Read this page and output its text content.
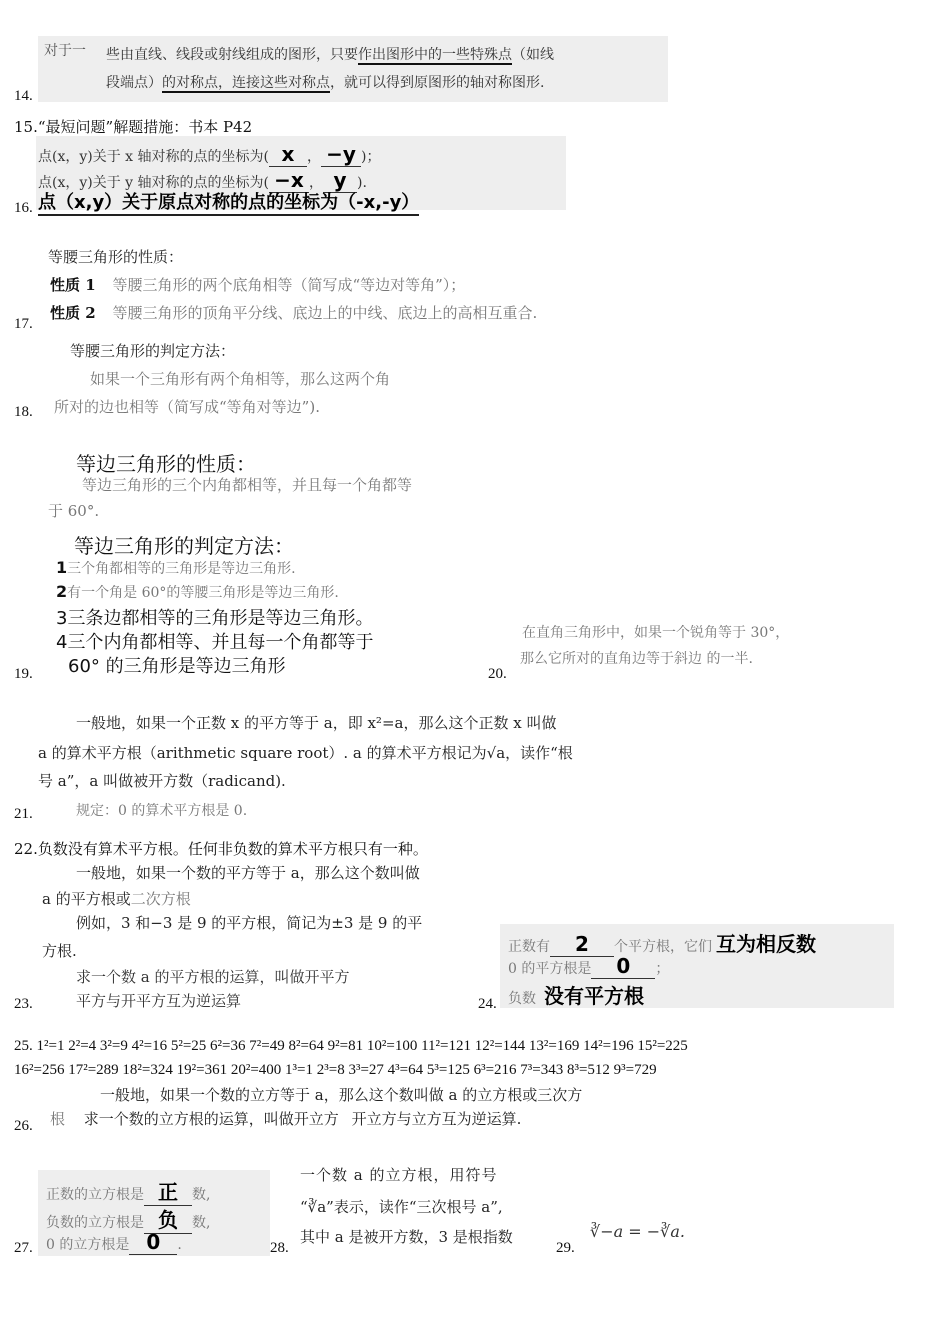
对于一 些由直线、线段或射线组成的图形，只要作出图形中的一些特殊点（如线
段端点）的对称点，连接这些对称点，就可以得到原图形的轴对称图形.
14.
15.“最短问题”解题措施：书本 P42
点(x，y)关于 x 轴对称的点的坐标为( x ， −y )；
点(x，y)关于 y 轴对称的点的坐标为( −x ， y ).
16. 点（x,y）关于原点对称的点的坐标为（-x,-y）
等腰三角形的性质：
性质 1 等腰三角形的两个底角相等（简写成“等边对等角”）；
性质 2 等腰三角形的顶角平分线、底边上的中线、底边上的高相互重合.
17.
等腰三角形的判定方法：
如果一个三角形有两个角相等，那么这两个角
所对的边也相等（简写成“等角对等边”).
18.
等边三角形的性质：
等边三角形的三个内角都相等，并且每一个角都等
于 60°.
等边三角形的判定方法：
1三个角都相等的三角形是等边三角形.
2有一个角是 60°的等腰三角形是等边三角形.
3三条边都相等的三角形是等边三角形。
4三个内角都相等、并且每一个角都等于
60° 的三角形是等边三角形
19.
在直角三角形中，如果一个锐角等于 30°，
那么它所对的直角边等于斜边 的一半.
20.
一般地，如果一个正数 x 的平方等于 a，即 x²=a，那么这个正数 x 叫做
a 的算术平方根（arithmetic square root）. a 的算术平方根记为√a，读作“根
号 a”，a 叫做被开方数（radicand).
规定：0 的算术平方根是 0.
21.
22.负数没有算术平方根。任何非负数的算术平方根只有一种。
一般地，如果一个数的平方等于 a，那么这个数叫做
a 的平方根或二次方根
例如，3 和−3 是 9 的平方根，简记为±3 是 9 的平
方根.
求一个数 a 的平方根的运算，叫做开平方
平方与开平方互为逆运算
23.
正数有 2 个平方根，它们 互为相反数
0 的平方根是 0 ；
负数 没有平方根
24.
25. 1²=1 2²=4 3²=9 4²=16 5²=25 6²=36 7²=49 8²=64 9²=81 10²=100 11²=121 12²=144 13²=169 14²=196 15²=225
16²=256 17²=289 18²=324 19²=361 20²=400 1³=1 2³=8 3³=27 4³=64 5³=125 6³=216 7³=343 8³=512 9³=729
一般地，如果一个数的立方等于 a，那么这个数叫做 a 的立方根或三次方
根 求一个数的立方根的运算，叫做开立方 开立方与立方互为逆运算.
26.
正数的立方根是 正 数,
负数的立方根是 负 数,
0 的立方根是 0 .
27.
一个数 a 的立方根，用符号
“∛a”表示，读作“三次根号 a”,
其中 a 是被开方数，3 是根指数
28.
∛−a = −∛a.
29.
